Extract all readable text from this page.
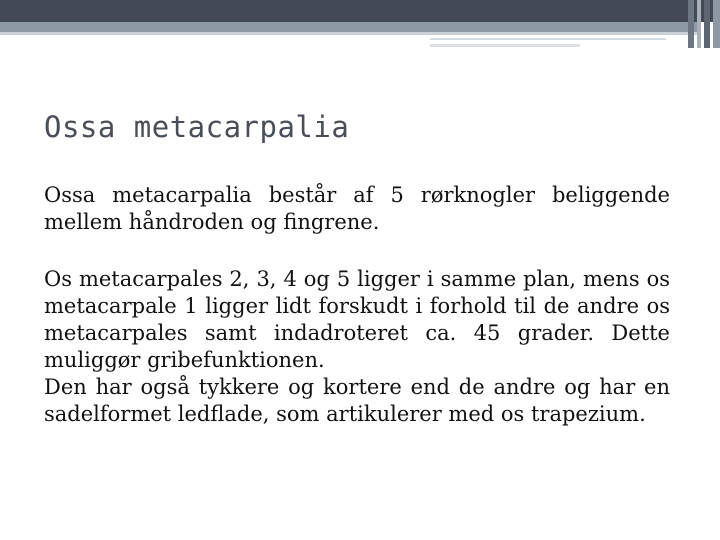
Ossa metacarpalia

Ossa metacarpalia består af 5 rørknogler beliggende mellem håndroden og fingrene.

Os metacarpales 2, 3, 4 og 5 ligger i samme plan, mens os metacarpale 1 ligger lidt forskudt i forhold til de andre os metacarpales samt indadroteret ca. 45 grader. Dette muliggør gribefunktionen.

Den har også tykkere og kortere end de andre og har en sadelformet ledflade, som artikulerer med os trapezium.
